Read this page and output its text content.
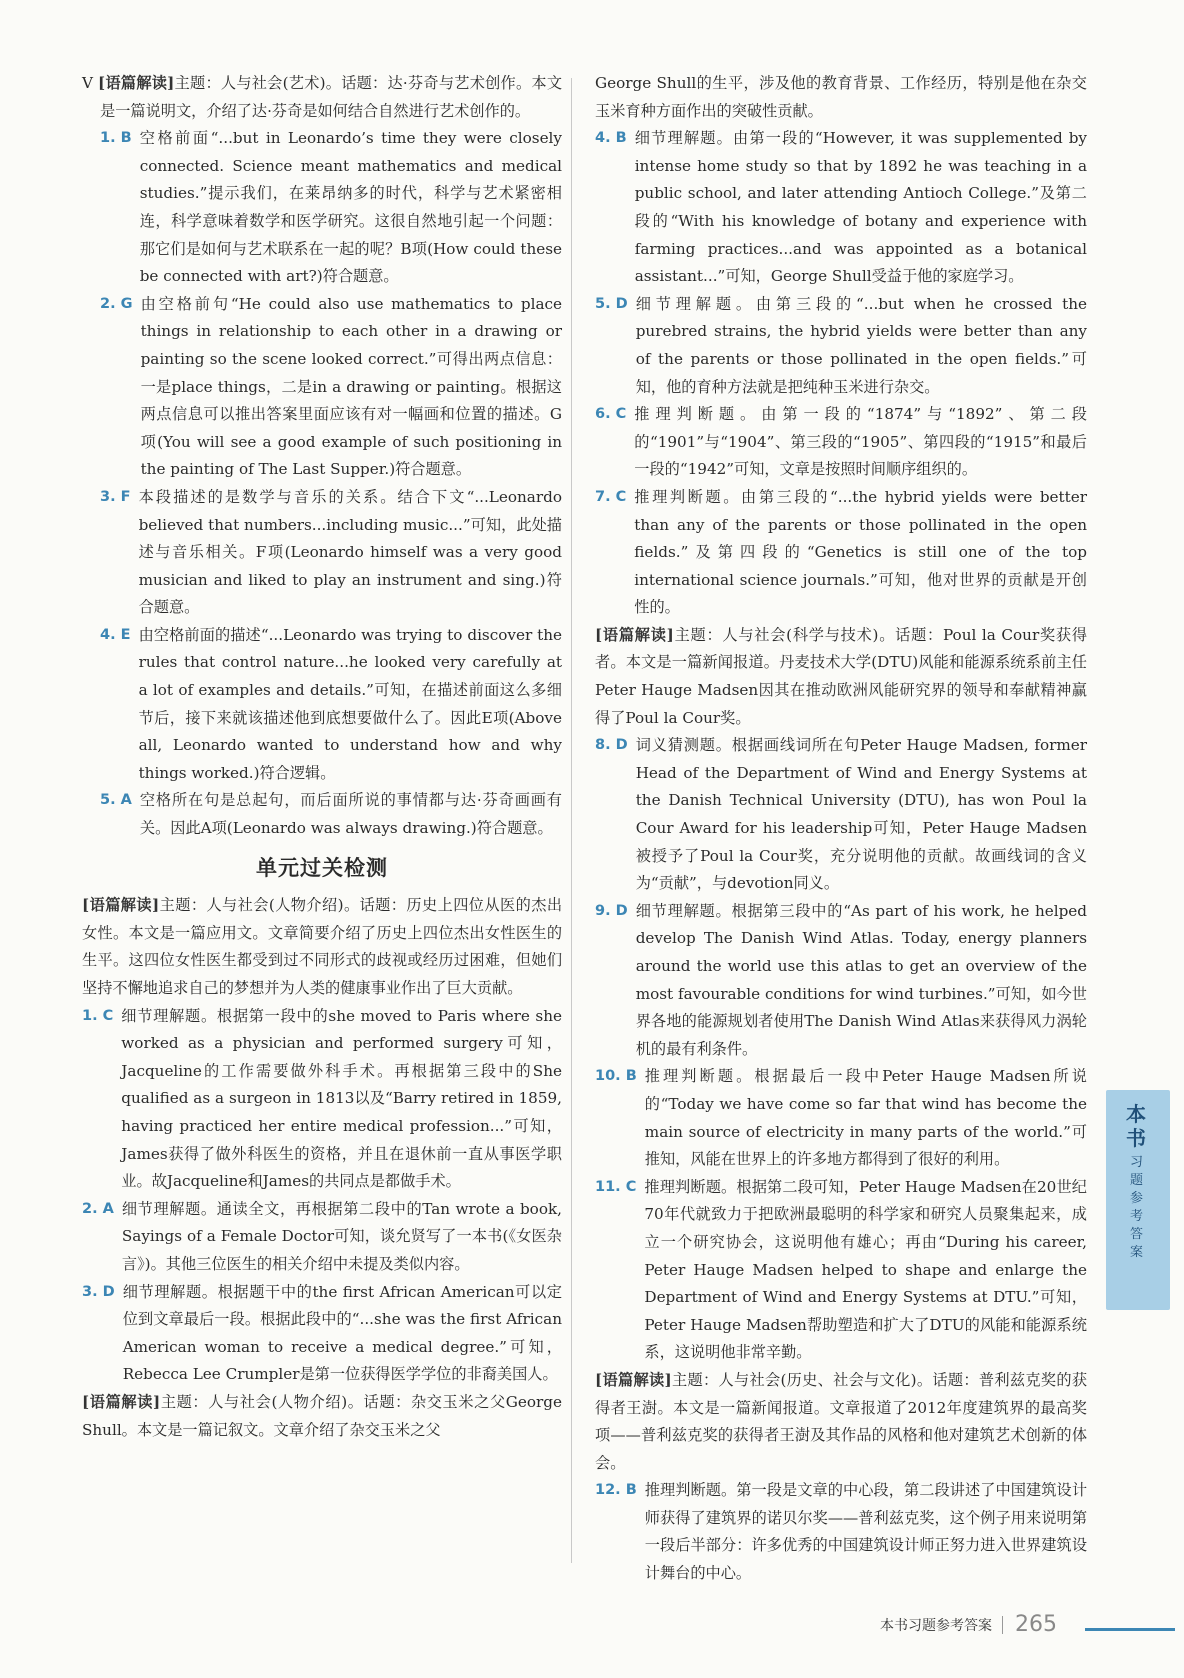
V [语篇解读]主题：人与社会(艺术)。话题：达·芬奇与艺术创作。本文是一篇说明文，介绍了达·芬奇是如何结合自然进行艺术创作的。
1. B 空格前面“...but in Leonardo’s time they were closely connected. Science meant mathematics and medical studies.”提示我们，在莱昂纳多的时代，科学与艺术紧密相连，科学意味着数学和医学研究。这很自然地引起一个问题：那它们是如何与艺术联系在一起的呢？B项(How could these be connected with art?)符合题意。
2. G 由空格前句“He could also use mathematics to place things in relationship to each other in a drawing or painting so the scene looked correct.”可得出两点信息：一是place things，二是in a drawing or painting。根据这两点信息可以推出答案里面应该有对一幅画和位置的描述。G项(You will see a good example of such positioning in the painting of The Last Supper.)符合题意。
3. F 本段描述的是数学与音乐的关系。结合下文“...Leonardo believed that numbers...including music...”可知，此处描述与音乐相关。F项(Leonardo himself was a very good musician and liked to play an instrument and sing.)符合题意。
4. E 由空格前面的描述“...Leonardo was trying to discover the rules that control nature...he looked very carefully at a lot of examples and details.”可知，在描述前面这么多细节后，接下来就该描述他到底想要做什么了。因此E项(Above all, Leonardo wanted to understand how and why things worked.)符合逻辑。
5. A 空格所在句是总起句，而后面所说的事情都与达·芬奇画画有关。因此A项(Leonardo was always drawing.)符合题意。
单元过关检测
[语篇解读]主题：人与社会(人物介绍)。话题：历史上四位从医的杰出女性。本文是一篇应用文。文章简要介绍了历史上四位杰出女性医生的生平。这四位女性医生都受到过不同形式的歧视或经历过困难，但她们坚持不懈地追求自己的梦想并为人类的健康事业作出了巨大贡献。
1. C 细节理解题。根据第一段中的she moved to Paris where she worked as a physician and performed surgery可知，Jacqueline的工作需要做外科手术。再根据第三段中的She qualified as a surgeon in 1813以及“Barry retired in 1859, having practiced her entire medical profession...”可知，James获得了做外科医生的资格，并且在退休前一直从事医学职业。故Jacqueline和James的共同点是都做手术。
2. A 细节理解题。通读全文，再根据第二段中的Tan wrote a book, Sayings of a Female Doctor可知，谈允贤写了一本书(《女医杂言》)。其他三位医生的相关介绍中未提及类似内容。
3. D 细节理解题。根据题干中的the first African American可以定位到文章最后一段。根据此段中的“...she was the first African American woman to receive a medical degree.”可知，Rebecca Lee Crumpler是第一位获得医学学位的非裔美国人。
[语篇解读]主题：人与社会(人物介绍)。话题：杂交玉米之父George Shull。本文是一篇记叙文。文章介绍了杂交玉米之父
George Shull的生平，涉及他的教育背景、工作经历，特别是他在杂交玉米育种方面作出的突破性贡献。
4. B 细节理解题。由第一段的“However, it was supplemented by intense home study so that by 1892 he was teaching in a public school, and later attending Antioch College.”及第二段的“With his knowledge of botany and experience with farming practices...and was appointed as a botanical assistant...”可知，George Shull受益于他的家庭学习。
5. D 细节理解题。由第三段的“...but when he crossed the purebred strains, the hybrid yields were better than any of the parents or those pollinated in the open fields.”可知，他的育种方法就是把纯种玉米进行杂交。
6. C 推理判断题。由第一段的“1874”与“1892”、第二段的“1901”与“1904”、第三段的“1905”、第四段的“1915”和最后一段的“1942”可知，文章是按照时间顺序组织的。
7. C 推理判断题。由第三段的“...the hybrid yields were better than any of the parents or those pollinated in the open fields.”及第四段的“Genetics is still one of the top international science journals.”可知，他对世界的贡献是开创性的。
[语篇解读]主题：人与社会(科学与技术)。话题：Poul la Cour奖获得者。本文是一篇新闻报道。丹麦技术大学(DTU)风能和能源系统系前主任Peter Hauge Madsen因其在推动欧洲风能研究界的领导和奉献精神赢得了Poul la Cour奖。
8. D 词义猜测题。根据画线词所在句Peter Hauge Madsen, former Head of the Department of Wind and Energy Systems at the Danish Technical University (DTU), has won Poul la Cour Award for his leadership可知，Peter Hauge Madsen被授予了Poul la Cour奖，充分说明他的贡献。故画线词的含义为“贡献”，与devotion同义。
9. D 细节理解题。根据第三段中的“As part of his work, he helped develop The Danish Wind Atlas. Today, energy planners around the world use this atlas to get an overview of the most favourable conditions for wind turbines.”可知，如今世界各地的能源规划者使用The Danish Wind Atlas来获得风力涡轮机的最有利条件。
10. B 推理判断题。根据最后一段中Peter Hauge Madsen所说的“Today we have come so far that wind has become the main source of electricity in many parts of the world.”可推知，风能在世界上的许多地方都得到了很好的利用。
11. C 推理判断题。根据第二段可知，Peter Hauge Madsen在20世纪70年代就致力于把欧洲最聪明的科学家和研究人员聚集起来，成立一个研究协会，这说明他有雄心；再由“During his career, Peter Hauge Madsen helped to shape and enlarge the Department of Wind and Energy Systems at DTU.”可知，Peter Hauge Madsen帮助塑造和扩大了DTU的风能和能源系统系，这说明他非常辛勤。
[语篇解读]主题：人与社会(历史、社会与文化)。话题：普利兹克奖的获得者王澍。本文是一篇新闻报道。文章报道了2012年度建筑界的最高奖项——普利兹克奖的获得者王澍及其作品的风格和他对建筑艺术创新的体会。
12. B 推理判断题。第一段是文章的中心段，第二段讲述了中国建筑设计师获得了建筑界的诺贝尔奖——普利兹克奖，这个例子用来说明第一段后半部分：许多优秀的中国建筑设计师正努力进入世界建筑设计舞台的中心。
本书
习题参考答案
本书习题参考答案 265
